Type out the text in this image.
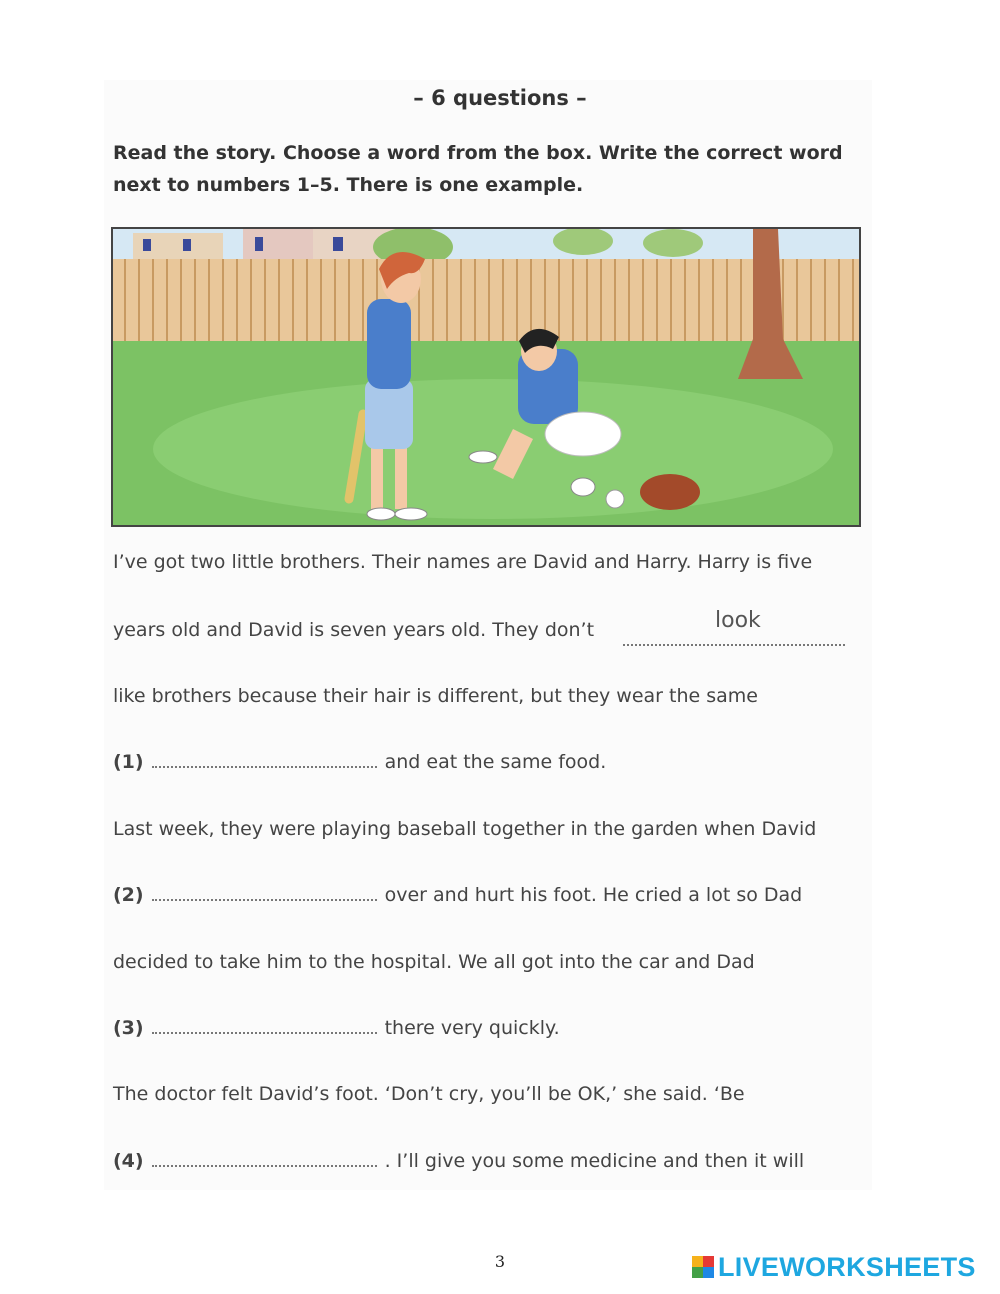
– 6 questions –
Read the story. Choose a word from the box. Write the correct word next to numbers 1–5. There is one example.
I’ve got two little brothers. Their names are David and Harry. Harry is five
years old and David is seven years old. They don’t	look
like brothers because their hair is different, but they wear the same
(1)	and eat the same food.
Last week, they were playing baseball together in the garden when David
(2)	over and hurt his foot. He cried a lot so Dad
decided to take him to the hospital. We all got into the car and Dad
(3)	there very quickly.
The doctor felt David’s foot. ‘Don’t cry, you’ll be OK,’ she said. ‘Be
(4)	. I’ll give you some medicine and then it will
3	LIVEWORKSHEETS
